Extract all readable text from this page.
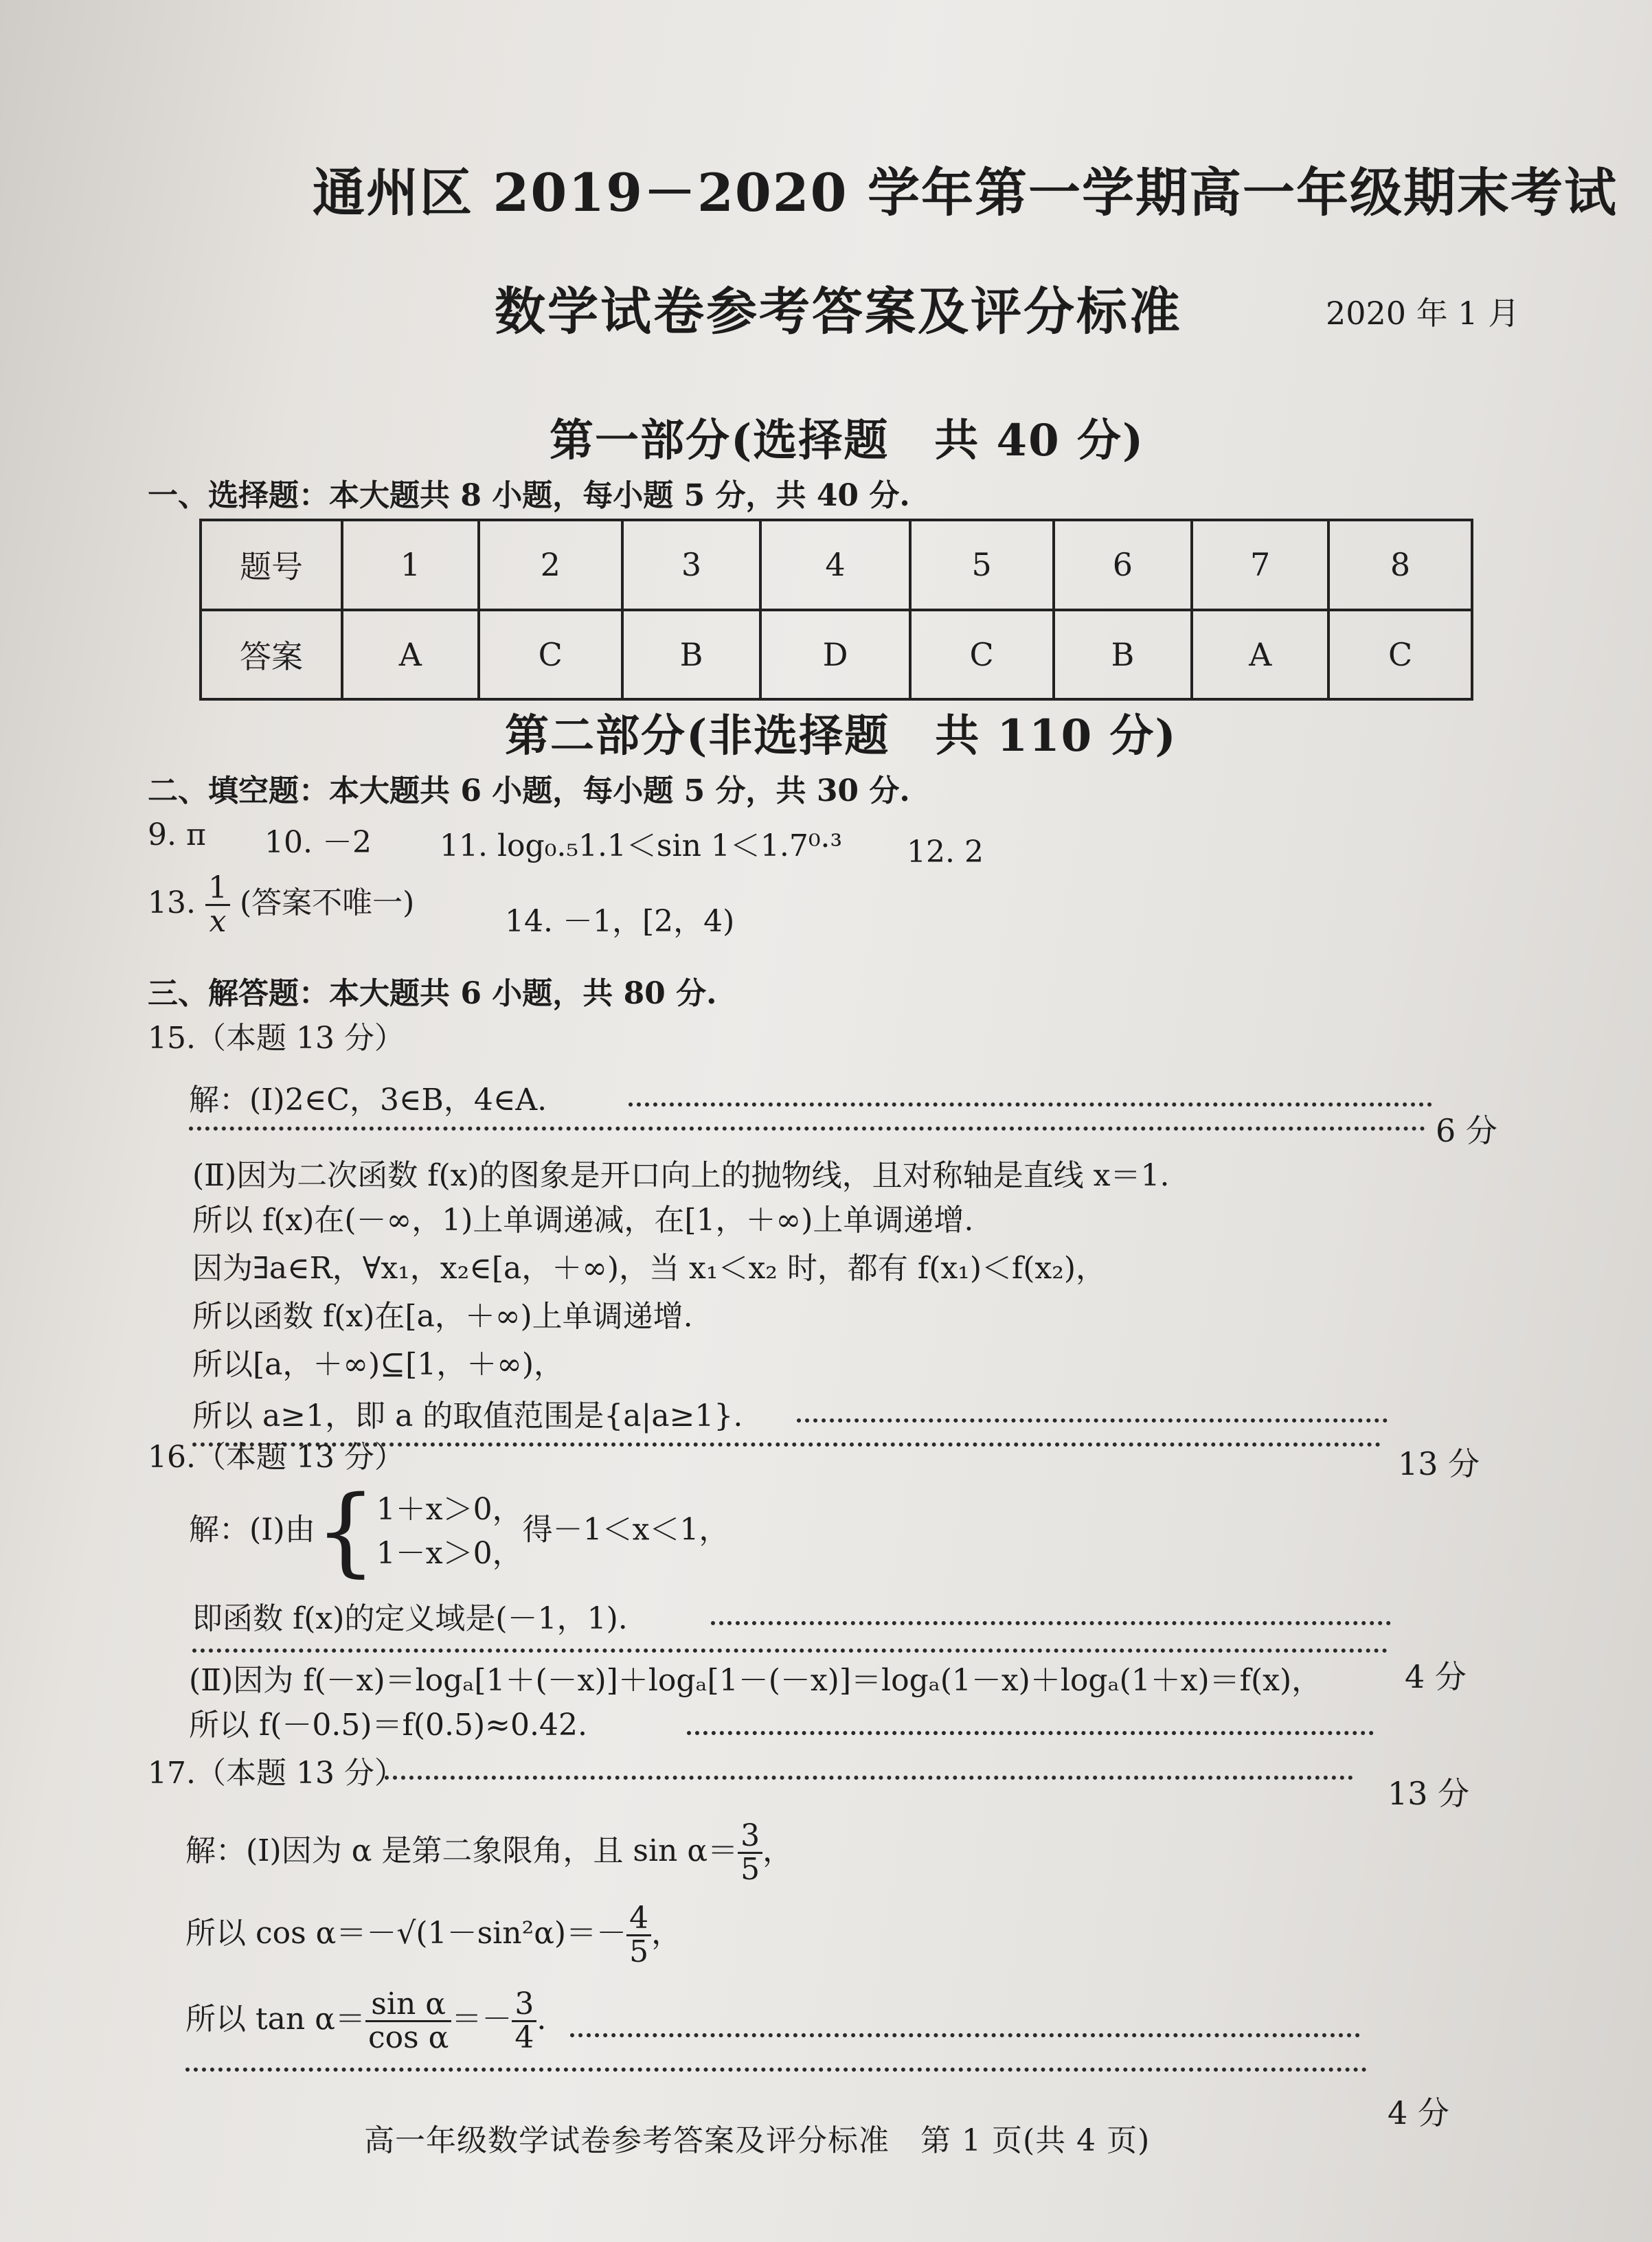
通州区 2019－2020 学年第一学期高一年级期末考试
数学试卷参考答案及评分标准	2020 年 1 月
第一部分(选择题　共 40 分)
一、选择题：本大题共 8 小题，每小题 5 分，共 40 分.
题号	1	2	3	4	5	6	7	8
答案	A	C	B	D	C	B	A	C
第二部分(非选择题　共 110 分)
二、填空题：本大题共 6 小题，每小题 5 分，共 30 分.
9. π 10. －2 11. log₀.₅1.1＜sin 1＜1.7⁰·³ 12. 2
13. $\frac{1}{x}$ (答案不唯一)
14. －1，[2，4)
三、解答题：本大题共 6 小题，共 80 分.
15.（本题 13 分）
解：(Ⅰ)2∈C，3∈B，4∈A.
6 分
(Ⅱ)因为二次函数 f(x)的图象是开口向上的抛物线，且对称轴是直线 x＝1.
所以 f(x)在(－∞，1)上单调递减，在[1，＋∞)上单调递增.
因为∃a∈R，∀x₁，x₂∈[a，＋∞)，当 x₁＜x₂ 时，都有 f(x₁)＜f(x₂)，
所以函数 f(x)在[a，＋∞)上单调递增.
所以[a，＋∞)⊆[1，＋∞)，
所以 a≥1，即 a 的取值范围是{a|a≥1}.
13 分
16.（本题 13 分）
解：(Ⅰ)由{ 1＋x＞0，
1－x＞0，
得－1＜x＜1，
即函数 f(x)的定义域是(－1，1).
4 分
(Ⅱ)因为 f(－x)＝logₐ[1＋(－x)]＋logₐ[1－(－x)]＝logₐ(1－x)＋logₐ(1＋x)＝f(x)，
所以 f(－0.5)＝f(0.5)≈0.42.
17.（本题 13 分）
13 分
解：(Ⅰ)因为 α 是第二象限角，且 $\sin \alpha= \frac{3}{5}$ ，
所以 $\cos \alpha=-√(1-\sin^2\alpha)=- \frac{4}{5}$ ，
所以 $\tan \alpha= \frac{\text{sin α}}{\text{cos α}} =- \frac{3}{4}$ .
4 分
高一年级数学试卷参考答案及评分标准　第 1 页(共 4 页)
